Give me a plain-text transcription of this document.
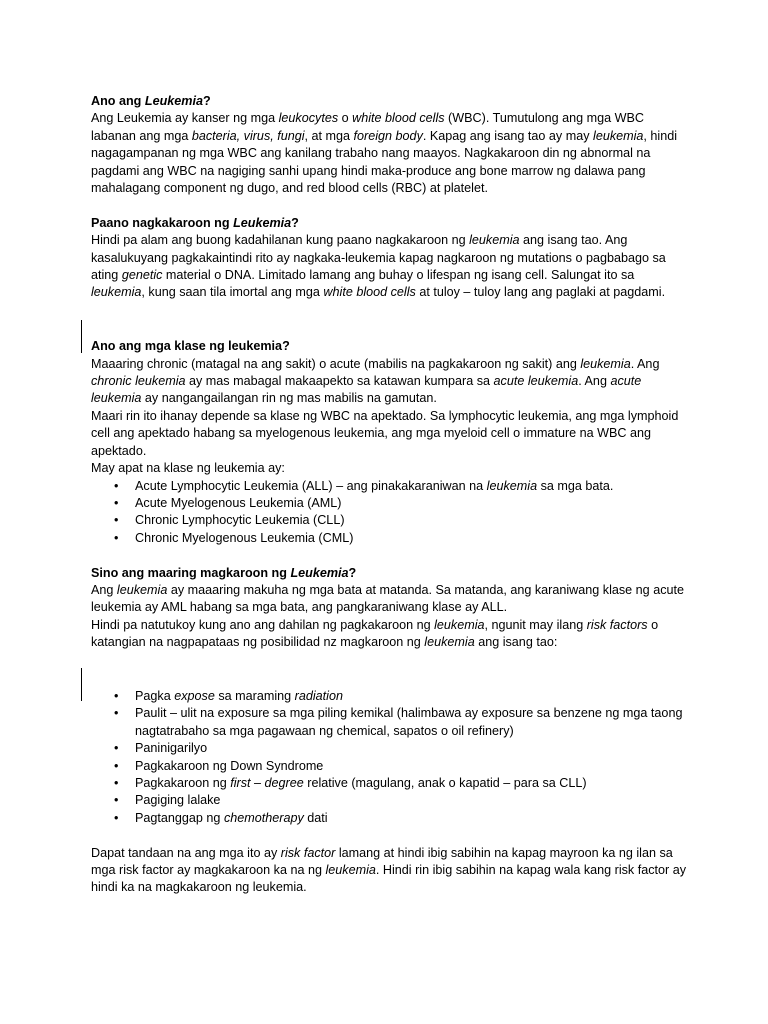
Ano ang Leukemia?

Ang Leukemia ay kanser ng mga leukocytes o white blood cells (WBC). Tumutulong ang mga WBC labanan ang mga bacteria, virus, fungi, at mga foreign body. Kapag ang isang tao ay may leukemia, hindi nagagampanan ng mga WBC ang kanilang trabaho nang maayos. Nagkakaroon din ng abnormal na pagdami ang WBC na nagiging sanhi upang hindi maka-produce ang bone marrow ng dalawa pang mahalagang component ng dugo, and red blood cells (RBC) at platelet.

Paano nagkakaroon ng Leukemia?

Hindi pa alam ang buong kadahilanan kung paano nagkakaroon ng leukemia ang isang tao. Ang kasalukuyang pagkakaintindi rito ay nagkaka-leukemia kapag nagkaroon ng mutations o pagbabago sa ating genetic material o DNA. Limitado lamang ang buhay o lifespan ng isang cell. Salungat ito sa leukemia, kung saan tila imortal ang mga white blood cells at tuloy – tuloy lang ang paglaki at pagdami.

Ano ang mga klase ng leukemia?

Maaaring chronic (matagal na ang sakit) o acute (mabilis na pagkakaroon ng sakit) ang leukemia. Ang chronic leukemia ay mas mabagal makaapekto sa katawan kumpara sa acute leukemia. Ang acute leukemia ay nangangailangan rin ng mas mabilis na gamutan.

Maari rin ito ihanay depende sa klase ng WBC na apektado. Sa lymphocytic leukemia, ang mga lymphoid cell ang apektado habang sa myelogenous leukemia, ang mga myeloid cell o immature na WBC ang apektado.

May apat na klase ng leukemia ay:

• Acute Lymphocytic Leukemia (ALL) – ang pinakakaraniwan na leukemia sa mga bata.
• Acute Myelogenous Leukemia (AML)
• Chronic Lymphocytic Leukemia (CLL)
• Chronic Myelogenous Leukemia (CML)

Sino ang maaring magkaroon ng Leukemia?

Ang leukemia ay maaaring makuha ng mga bata at matanda. Sa matanda, ang karaniwang klase ng acute leukemia ay AML habang sa mga bata, ang pangkaraniwang klase ay ALL.

Hindi pa natutukoy kung ano ang dahilan ng pagkakaroon ng leukemia, ngunit may ilang risk factors o katangian na nagpapataas ng posibilidad nz magkaroon ng leukemia ang isang tao:

• Pagka expose sa maraming radiation
• Paulit – ulit na exposure sa mga piling kemikal (halimbawa ay exposure sa benzene ng mga taong nagtatrabaho sa mga pagawaan ng chemical, sapatos o oil refinery)
• Paninigarilyo
• Pagkakaroon ng Down Syndrome
• Pagkakaroon ng first – degree relative (magulang, anak o kapatid – para sa CLL)
• Pagiging lalake
• Pagtanggap ng chemotherapy dati

Dapat tandaan na ang mga ito ay risk factor lamang at hindi ibig sabihin na kapag mayroon ka ng ilan sa mga risk factor ay magkakaroon ka na ng leukemia. Hindi rin ibig sabihin na kapag wala kang risk factor ay hindi ka na magkakaroon ng leukemia.
